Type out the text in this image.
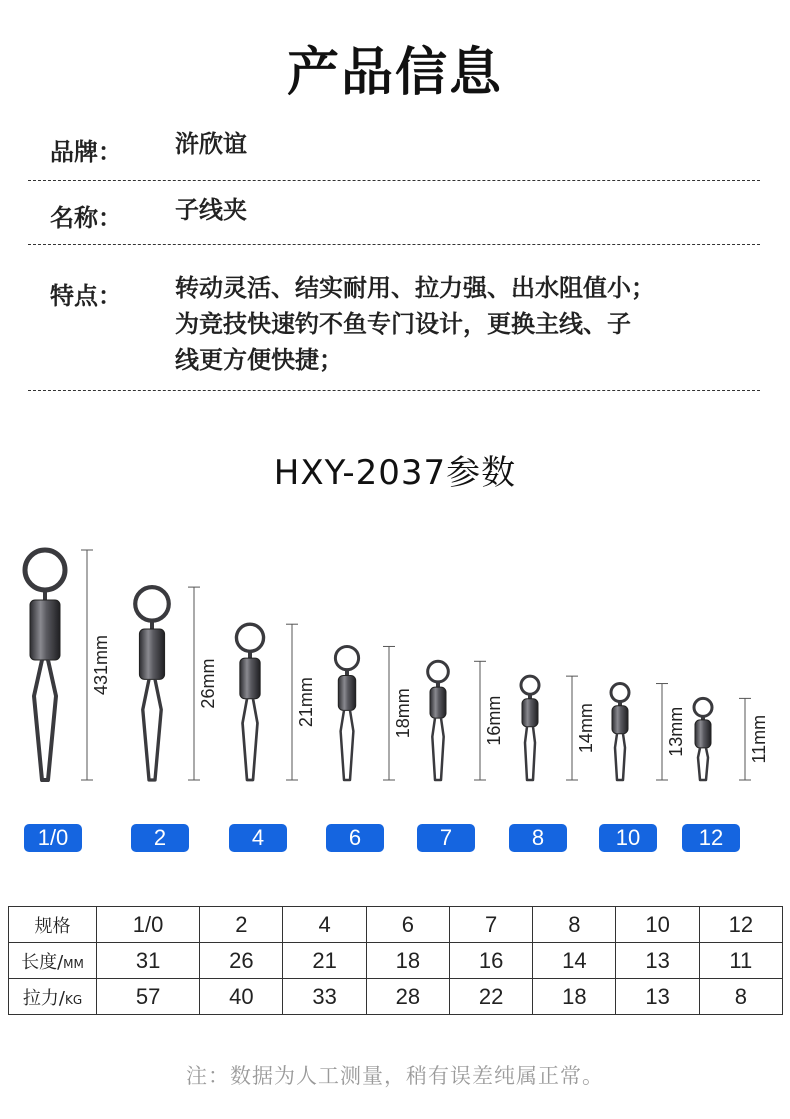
产品信息
品牌：	浒欣谊
名称：	子线夹
特点：	转动灵活、结实耐用、拉力强、出水阻值小；
为竞技快速钓不鱼专门设计，更换主线、子
线更方便快捷；
HXY-2037参数
431mm	26mm	21mm	18mm	16mm	14mm	13mm	11mm
1/0	2	4	6	7	8	10	12
规格	1/0	2	4	6	7	8	10	12
长度/MM	31	26	21	18	16	14	13	11
拉力/KG	57	40	33	28	22	18	13	8
注：数据为人工测量，稍有误差纯属正常。
